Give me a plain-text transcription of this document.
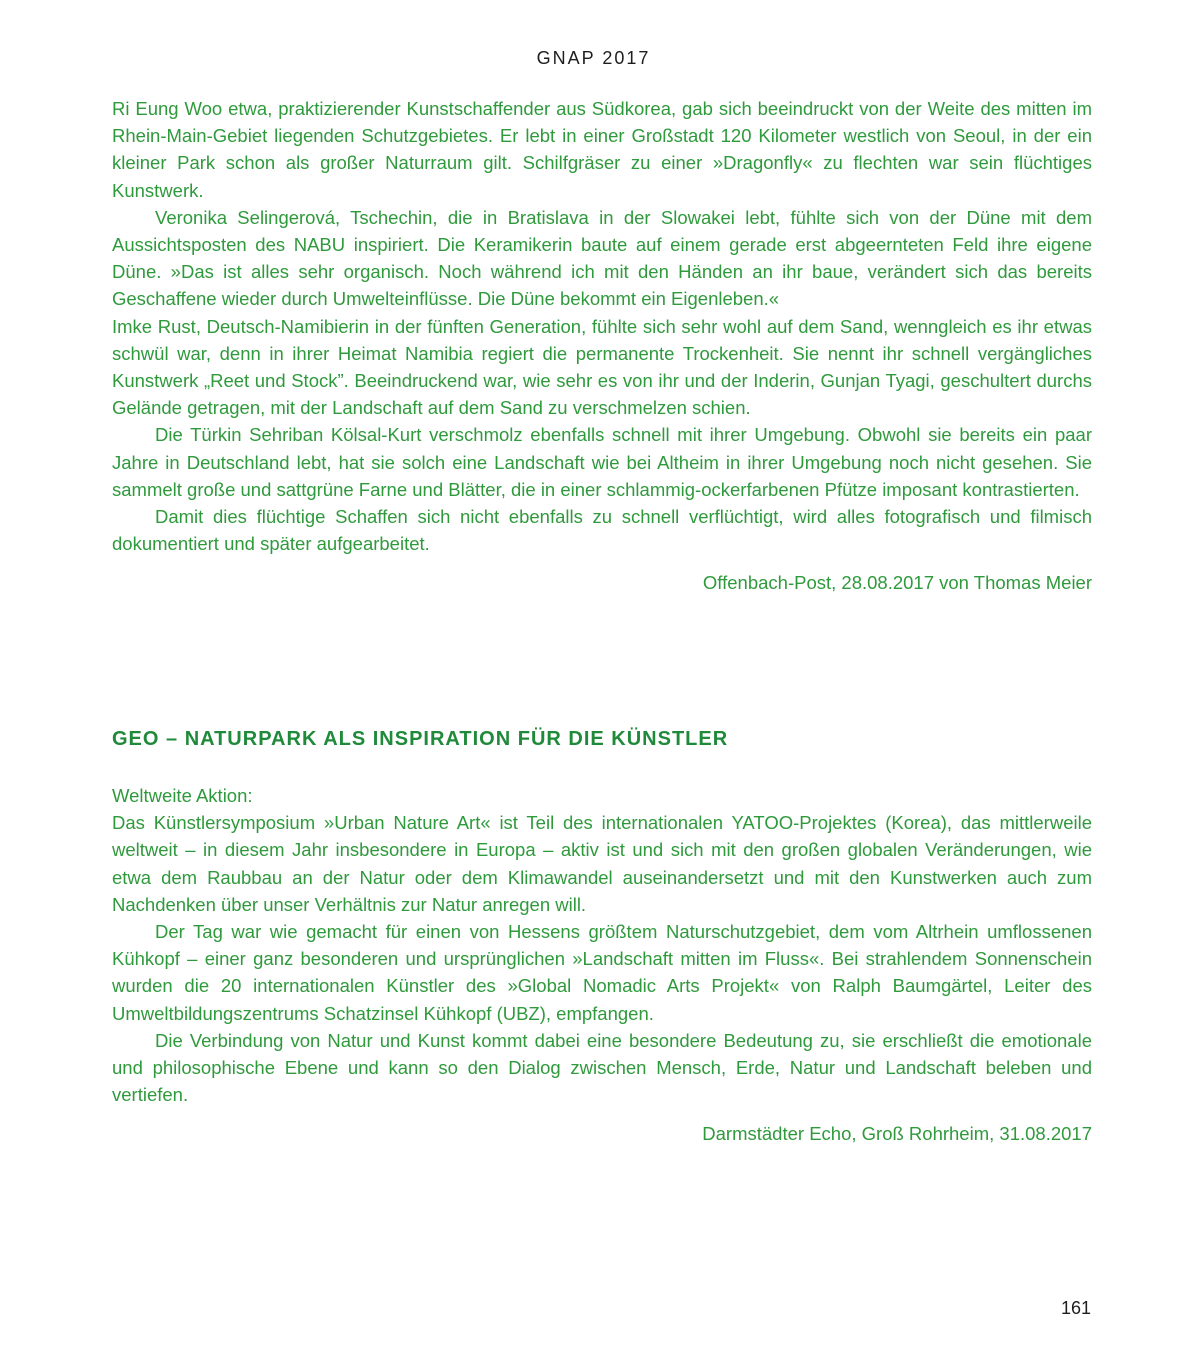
GNAP 2017

Ri Eung Woo etwa, praktizierender Kunstschaffender aus Südkorea, gab sich beeindruckt von der Weite des mitten im Rhein-Main-Gebiet liegenden Schutzgebietes. Er lebt in einer Großstadt 120 Kilometer westlich von Seoul, in der ein kleiner Park schon als großer Naturraum gilt. Schilfgräser zu einer »Dragonfly« zu flechten war sein flüchtiges Kunstwerk.

Veronika Selingerová, Tschechin, die in Bratislava in der Slowakei lebt, fühlte sich von der Düne mit dem Aussichtsposten des NABU inspiriert. Die Keramikerin baute auf einem gerade erst abgeernteten Feld ihre eigene Düne. »Das ist alles sehr organisch. Noch während ich mit den Händen an ihr baue, verändert sich das bereits Geschaffene wieder durch Umwelteinflüsse. Die Düne bekommt ein Eigenleben.«

Imke Rust, Deutsch-Namibierin in der fünften Generation, fühlte sich sehr wohl auf dem Sand, wenngleich es ihr etwas schwül war, denn in ihrer Heimat Namibia regiert die permanente Trockenheit. Sie nennt ihr schnell vergängliches Kunstwerk „Reet und Stock”. Beeindruckend war, wie sehr es von ihr und der Inderin, Gunjan Tyagi, geschultert durchs Gelände getragen, mit der Landschaft auf dem Sand zu verschmelzen schien.

Die Türkin Sehriban Kölsal-Kurt verschmolz ebenfalls schnell mit ihrer Umgebung. Obwohl sie bereits ein paar Jahre in Deutschland lebt, hat sie solch eine Landschaft wie bei Altheim in ihrer Umgebung noch nicht gesehen. Sie sammelt große und sattgrüne Farne und Blätter, die in einer schlammig-ockerfarbenen Pfütze imposant kontrastierten.

Damit dies flüchtige Schaffen sich nicht ebenfalls zu schnell verflüchtigt, wird alles fotografisch und filmisch dokumentiert und später aufgearbeitet.

Offenbach-Post, 28.08.2017 von Thomas Meier

GEO – NATURPARK ALS INSPIRATION FÜR DIE KÜNSTLER

Weltweite Aktion:

Das Künstlersymposium »Urban Nature Art« ist Teil des internationalen YATOO-Projektes (Korea), das mittlerweile weltweit – in diesem Jahr insbesondere in Europa – aktiv ist und sich mit den großen globalen Veränderungen, wie etwa dem Raubbau an der Natur oder dem Klimawandel auseinandersetzt und mit den Kunstwerken auch zum Nachdenken über unser Verhältnis zur Natur anregen will.

Der Tag war wie gemacht für einen von Hessens größtem Naturschutzgebiet, dem vom Altrhein umflossenen Kühkopf – einer ganz besonderen und ursprünglichen »Landschaft mitten im Fluss«. Bei strahlendem Sonnenschein wurden die 20 internationalen Künstler des »Global Nomadic Arts Projekt« von Ralph Baumgärtel, Leiter des Umweltbildungszentrums Schatzinsel Kühkopf (UBZ), empfangen.

Die Verbindung von Natur und Kunst kommt dabei eine besondere Bedeutung zu, sie erschließt die emotionale und philosophische Ebene und kann so den Dialog zwischen Mensch, Erde, Natur und Landschaft beleben und vertiefen.

Darmstädter Echo, Groß Rohrheim, 31.08.2017

161
